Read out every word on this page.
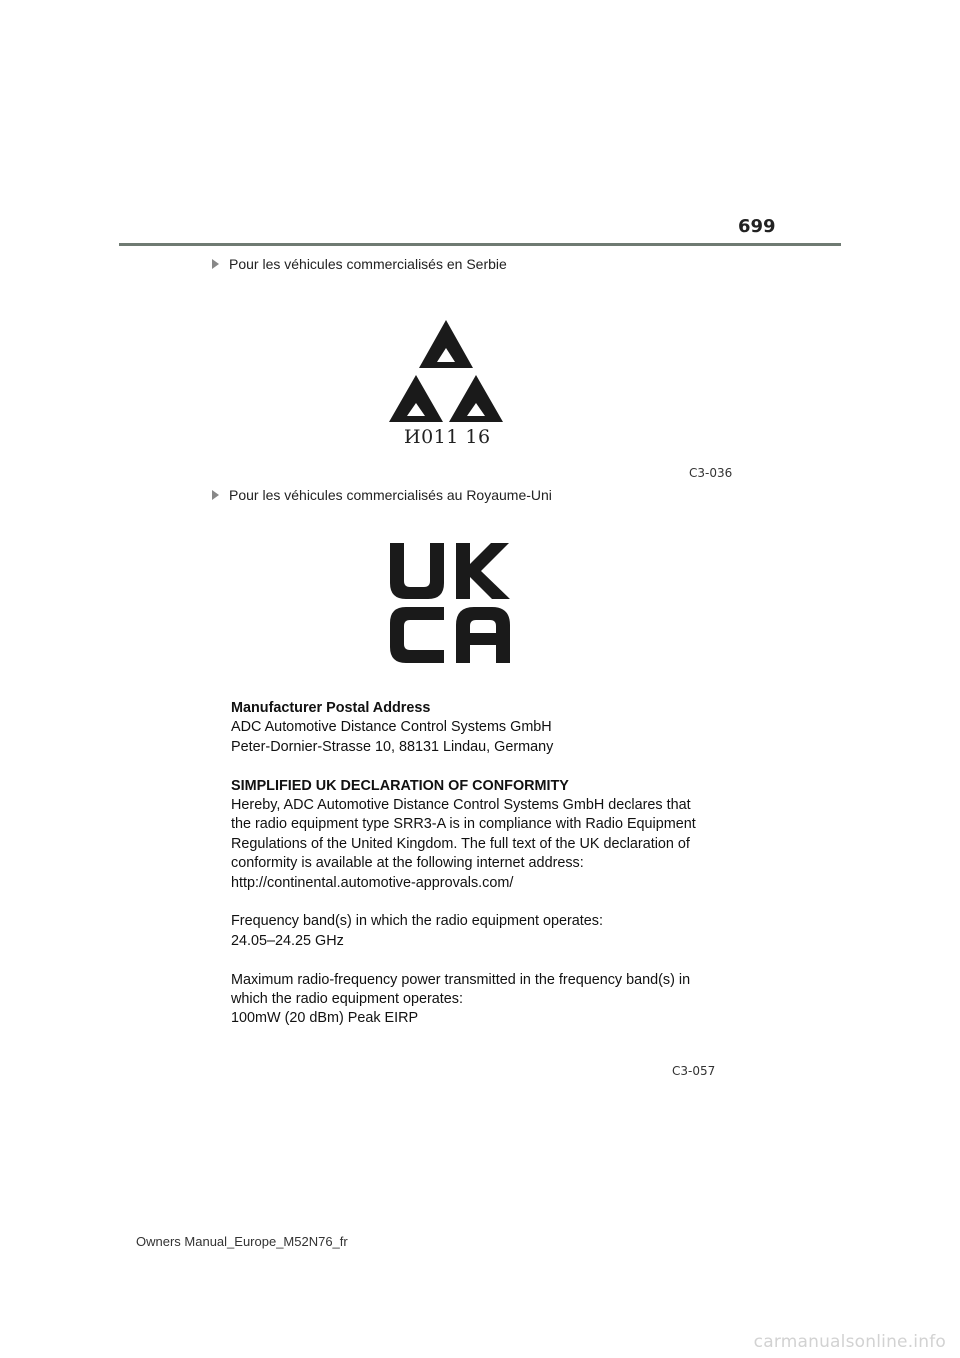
699
Pour les véhicules commercialisés en Serbie
И011 16
C3-036
Pour les véhicules commercialisés au Royaume-Uni

Manufacturer Postal Address
ADC Automotive Distance Control Systems GmbH
Peter-Dornier-Strasse 10, 88131 Lindau, Germany

SIMPLIFIED UK DECLARATION OF CONFORMITY
Hereby, ADC Automotive Distance Control Systems GmbH declares that
the radio equipment type SRR3-A is in compliance with Radio Equipment
Regulations of the United Kingdom. The full text of the UK declaration of
conformity is available at the following internet address:
http://continental.automotive-approvals.com/

Frequency band(s) in which the radio equipment operates:
24.05–24.25 GHz

Maximum radio-frequency power transmitted in the frequency band(s) in
which the radio equipment operates:
100mW (20 dBm) Peak EIRP

C3-057
Owners Manual_Europe_M52N76_fr
carmanualsonline.info
